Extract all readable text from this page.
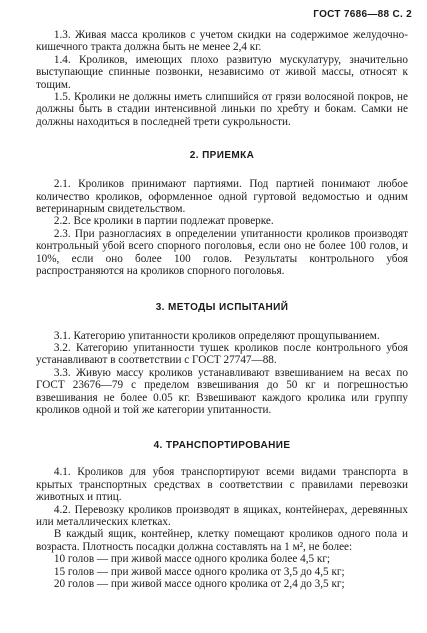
ГОСТ 7686—88 С. 2

1.3. Живая масса кроликов с учетом скидки на содержимое желудочно-кишечного тракта должна быть не менее 2,4 кг.

1.4. Кроликов, имеющих плохо развитую мускулатуру, значительно выступающие спинные позвонки, независимо от живой массы, относят к тощим.

1.5. Кролики не должны иметь слипшийся от грязи волосяной покров, не должны быть в стадии интенсивной линьки по хребту и бокам. Самки не должны находиться в последней трети сукрольности.

2. ПРИЕМКА

2.1. Кроликов принимают партиями. Под партией понимают любое количество кроликов, оформленное одной гуртовой ведомостью и одним ветеринарным свидетельством.

2.2. Все кролики в партии подлежат проверке.

2.3. При разногласиях в определении упитанности кроликов производят контрольный убой всего спорного поголовья, если оно не более 100 голов, и 10%, если оно более 100 голов. Результаты контрольного убоя распространяются на кроликов спорного поголовья.

3. МЕТОДЫ ИСПЫТАНИЙ

3.1. Категорию упитанности кроликов определяют прощупыванием.

3.2. Категорию упитанности тушек кроликов после контрольного убоя устанавливают в соответствии с ГОСТ 27747—88.

3.3. Живую массу кроликов устанавливают взвешиванием на весах по ГОСТ 23676—79 с пределом взвешивания до 50 кг и погрешностью взвешивания не более 0.05 кг. Взвешивают каждого кролика или группу кроликов одной и той же категории упитанности.

4. ТРАНСПОРТИРОВАНИЕ

4.1. Кроликов для убоя транспортируют всеми видами транспорта в крытых транспортных средствах в соответствии с правилами перевозки животных и птиц.

4.2. Перевозку кроликов производят в ящиках, контейнерах, деревянных или металлических клетках.

В каждый ящик, контейнер, клетку помещают кроликов одного пола и возраста. Плотность посадки должна составлять на 1 м², не более:

10 голов — при живой массе одного кролика более 4,5 кг;

15 голов — при живой массе одного кролика от 3,5 до 4,5 кг;

20 голов — при живой массе одного кролика от 2,4 до 3,5 кг;
